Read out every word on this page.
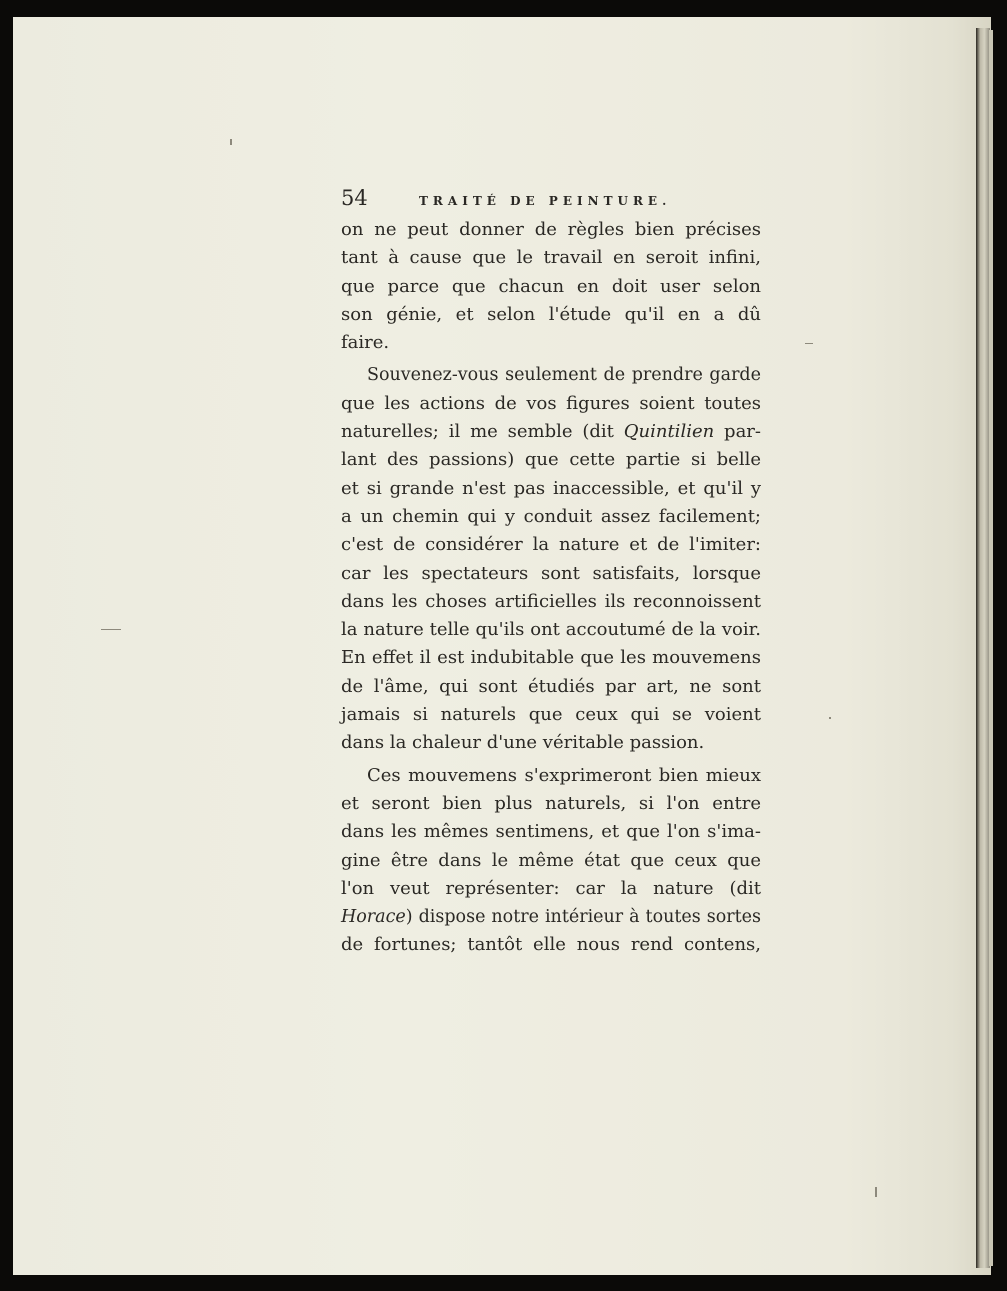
54	TRAITÉ DE PEINTURE.
on ne peut donner de règles bien précises
tant à cause que le travail en seroit infini,
que parce que chacun en doit user selon
son génie, et selon l'étude qu'il en a dû
faire.
Souvenez-vous seulement de prendre garde
que les actions de vos figures soient toutes
naturelles; il me semble (dit Quintilien par-
lant des passions) que cette partie si belle
et si grande n'est pas inaccessible, et qu'il y
a un chemin qui y conduit assez facilement;
c'est de considérer la nature et de l'imiter:
car les spectateurs sont satisfaits, lorsque
dans les choses artificielles ils reconnoissent
la nature telle qu'ils ont accoutumé de la voir.
En effet il est indubitable que les mouvemens
de l'âme, qui sont étudiés par art, ne sont
jamais si naturels que ceux qui se voient
dans la chaleur d'une véritable passion.
Ces mouvemens s'exprimeront bien mieux
et seront bien plus naturels, si l'on entre
dans les mêmes sentimens, et que l'on s'ima-
gine être dans le même état que ceux que
l'on veut représenter: car la nature (dit
Horace) dispose notre intérieur à toutes sortes
de fortunes; tantôt elle nous rend contens,
